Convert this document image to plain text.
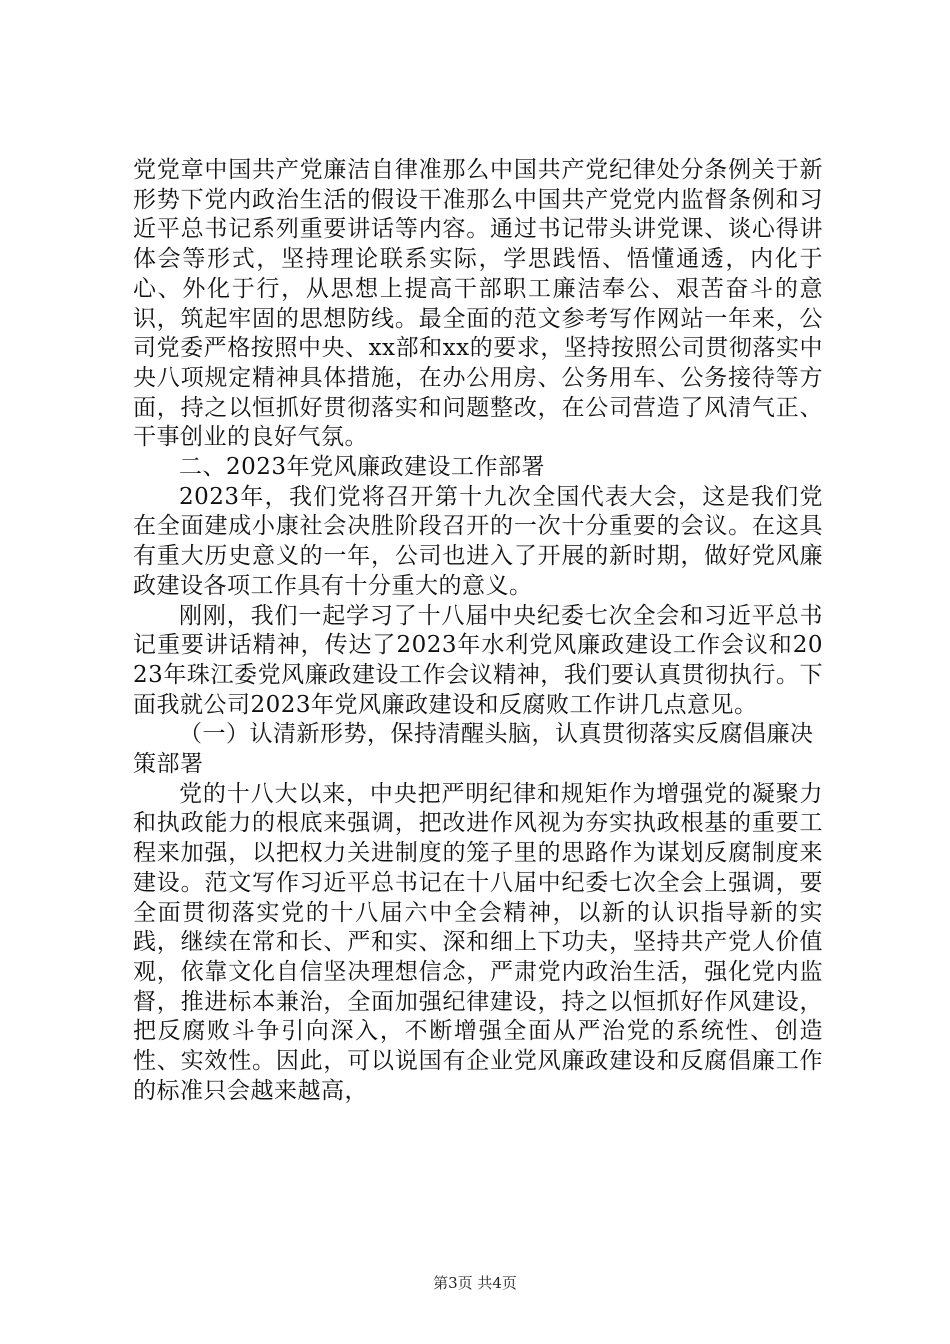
党党章中国共产党廉洁自律准那么中国共产党纪律处分条例关于新形势下党内政治生活的假设干准那么中国共产党党内监督条例和习近平总书记系列重要讲话等内容。通过书记带头讲党课、谈心得讲体会等形式，坚持理论联系实际，学思践悟、悟懂通透，内化于心、外化于行，从思想上提高干部职工廉洁奉公、艰苦奋斗的意识，筑起牢固的思想防线。最全面的范文参考写作网站一年来，公司党委严格按照中央、xx部和xx的要求，坚持按照公司贯彻落实中央八项规定精神具体措施，在办公用房、公务用车、公务接待等方面，持之以恒抓好贯彻落实和问题整改，在公司营造了风清气正、干事创业的良好气氛。

二、2023年党风廉政建设工作部署

2023年，我们党将召开第十九次全国代表大会，这是我们党在全面建成小康社会决胜阶段召开的一次十分重要的会议。在这具有重大历史意义的一年，公司也进入了开展的新时期，做好党风廉政建设各项工作具有十分重大的意义。

刚刚，我们一起学习了十八届中央纪委七次全会和习近平总书记重要讲话精神，传达了2023年水利党风廉政建设工作会议和2023年珠江委党风廉政建设工作会议精神，我们要认真贯彻执行。下面我就公司2023年党风廉政建设和反腐败工作讲几点意见。

（一）认清新形势，保持清醒头脑，认真贯彻落实反腐倡廉决策部署

党的十八大以来，中央把严明纪律和规矩作为增强党的凝聚力和执政能力的根底来强调，把改进作风视为夯实执政根基的重要工程来加强，以把权力关进制度的笼子里的思路作为谋划反腐制度来建设。范文写作习近平总书记在十八届中纪委七次全会上强调，要全面贯彻落实党的十八届六中全会精神，以新的认识指导新的实践，继续在常和长、严和实、深和细上下功夫，坚持共产党人价值观，依靠文化自信坚决理想信念，严肃党内政治生活，强化党内监督，推进标本兼治，全面加强纪律建设，持之以恒抓好作风建设，把反腐败斗争引向深入，不断增强全面从严治党的系统性、创造性、实效性。因此，可以说国有企业党风廉政建设和反腐倡廉工作的标准只会越来越高，

第3页 共4页
